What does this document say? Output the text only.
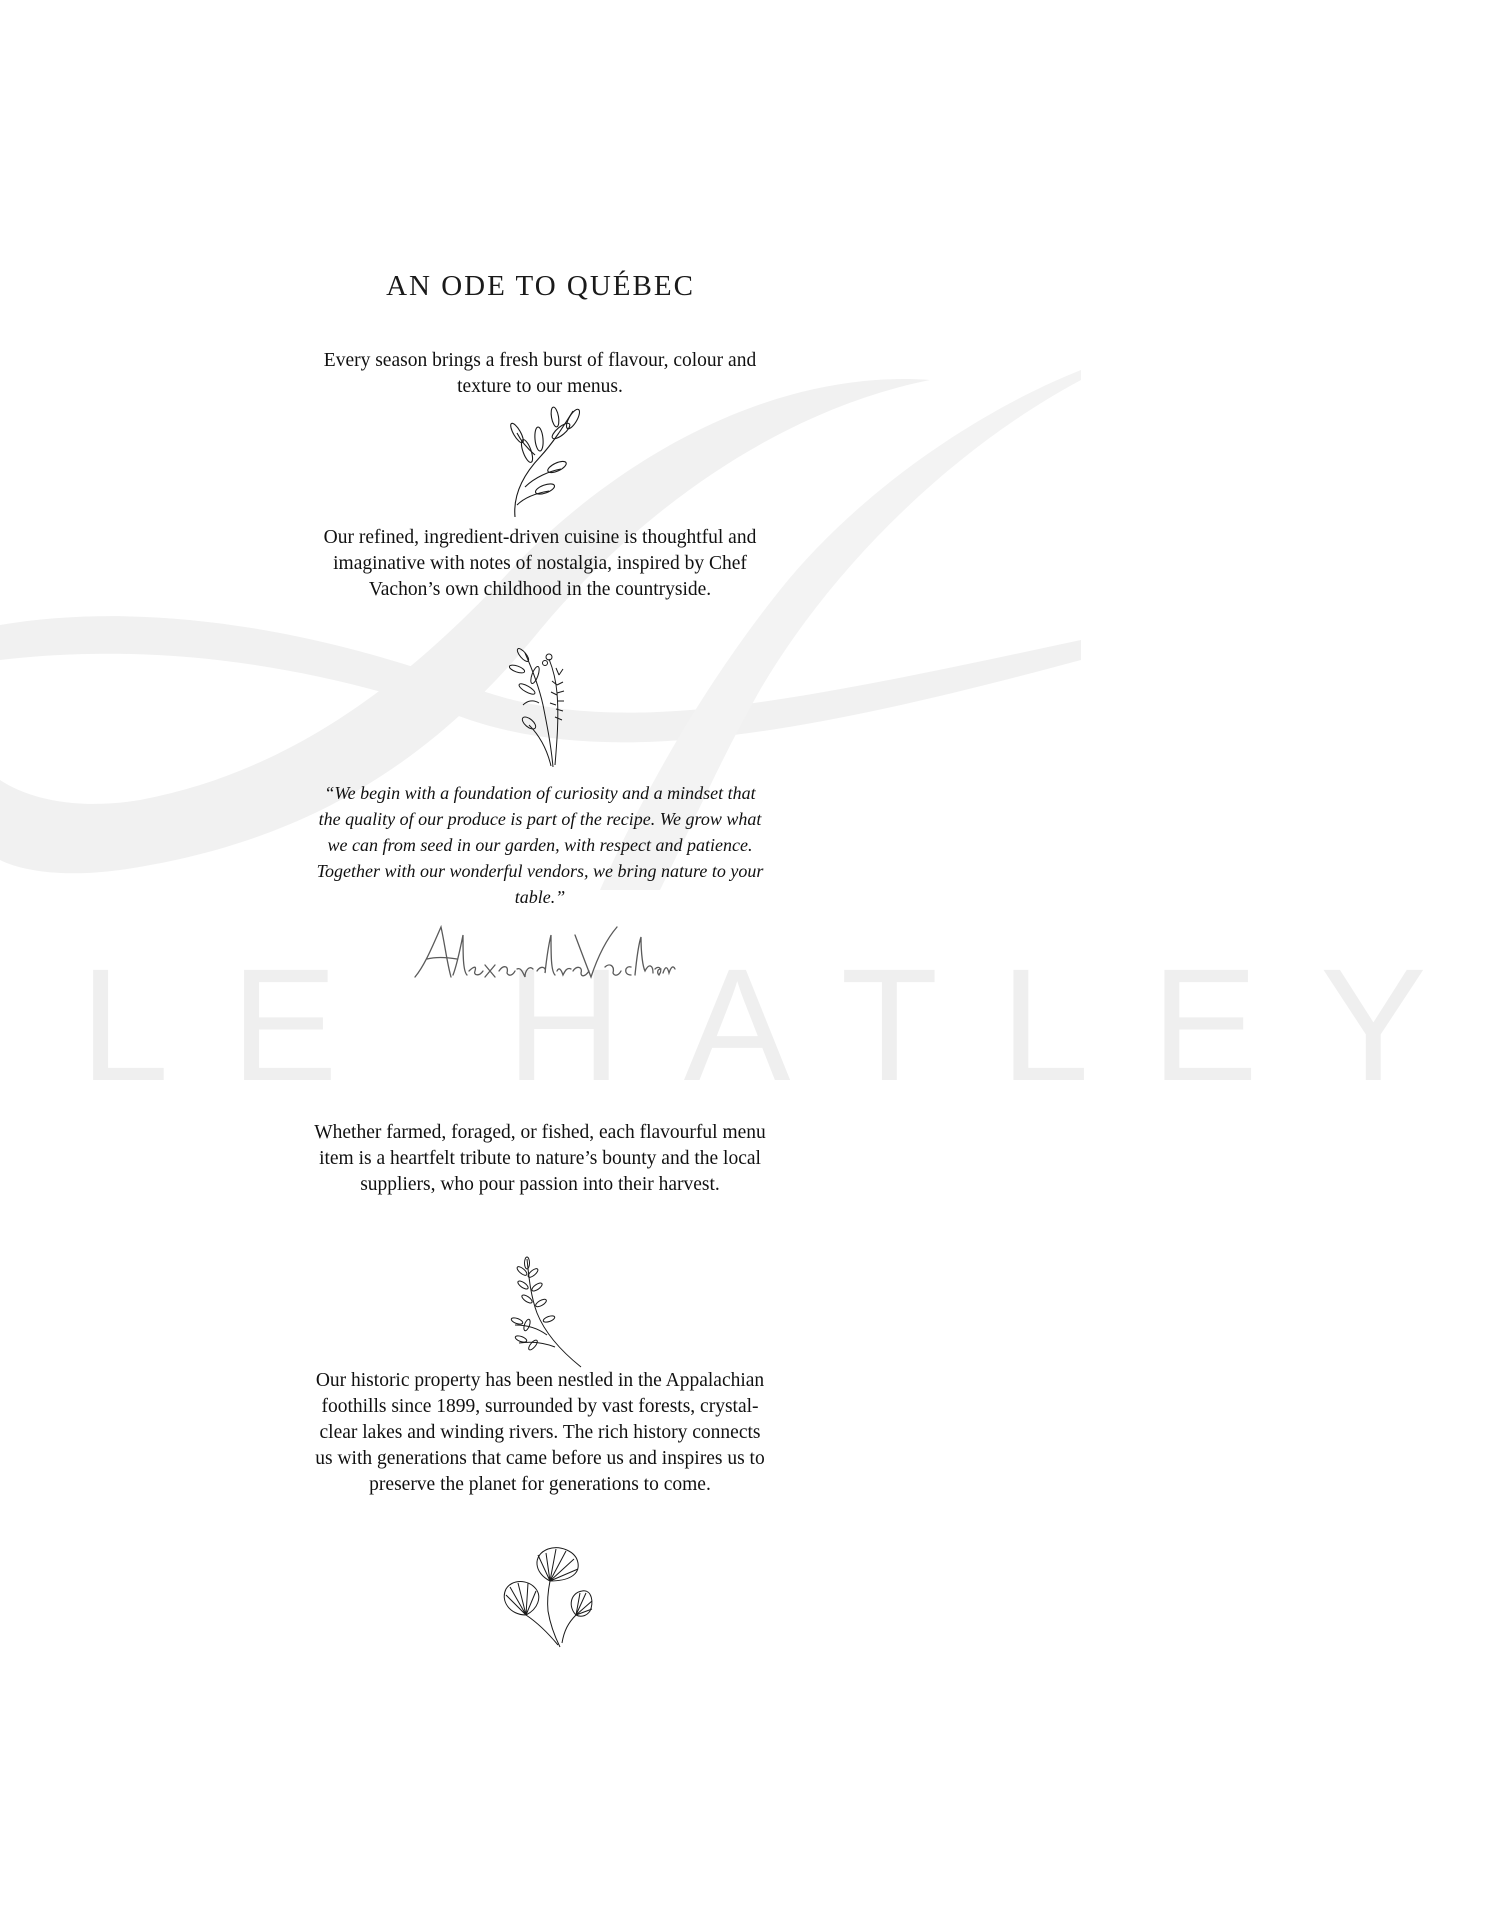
LE HATLEY
AN ODE TO QUÉBEC
Every season brings a fresh burst of flavour, colour and texture to our menus.
Our refined, ingredient-driven cuisine is thoughtful and imaginative with notes of nostalgia, inspired by Chef Vachon’s own childhood in the countryside.
“We begin with a foundation of curiosity and a mindset that the quality of our produce is part of the recipe. We grow what we can from seed in our garden, with respect and patience. Together with our wonderful vendors, we bring nature to your table.”
Whether farmed, foraged, or fished, each flavourful menu item is a heartfelt tribute to nature’s bounty and the local suppliers, who pour passion into their harvest.
Our historic property has been nestled in the Appalachian foothills since 1899, surrounded by vast forests, crystal-clear lakes and winding rivers. The rich history connects us with generations that came before us and inspires us to preserve the planet for generations to come.
